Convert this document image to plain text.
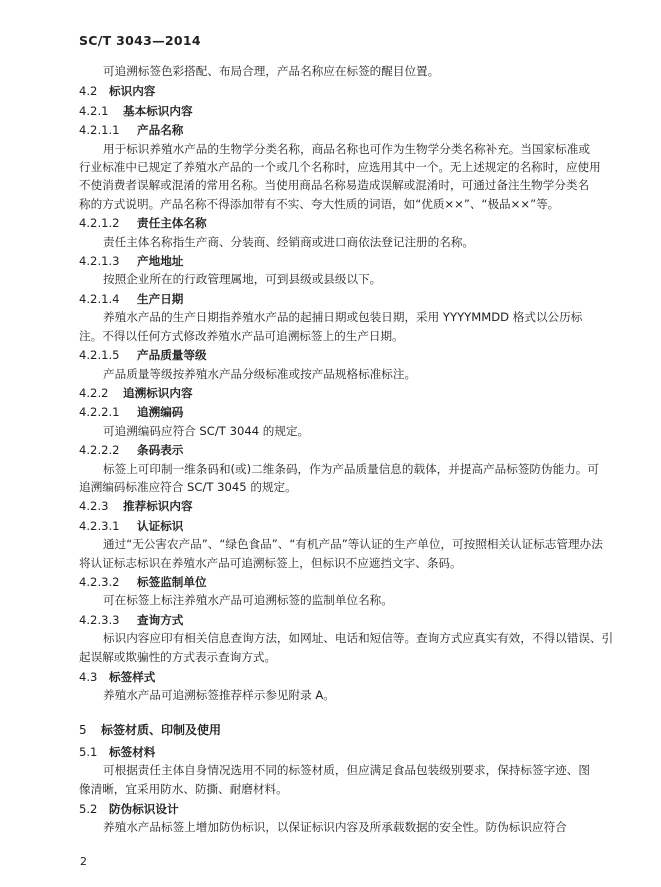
SC/T 3043—2014
可追溯标签色彩搭配、布局合理，产品名称应在标签的醒目位置。
4.2 标识内容
4.2.1 基本标识内容
4.2.1.1 产品名称
用于标识养殖水产品的生物学分类名称，商品名称也可作为生物学分类名称补充。当国家标准或
行业标准中已规定了养殖水产品的一个或几个名称时，应选用其中一个。无上述规定的名称时，应使用
不使消费者误解或混淆的常用名称。当使用商品名称易造成误解或混淆时，可通过备注生物学分类名
称的方式说明。产品名称不得添加带有不实、夸大性质的词语，如“优质××”、“极品××”等。
4.2.1.2 责任主体名称
责任主体名称指生产商、分装商、经销商或进口商依法登记注册的名称。
4.2.1.3 产地地址
按照企业所在的行政管理属地，可到县级或县级以下。
4.2.1.4 生产日期
养殖水产品的生产日期指养殖水产品的起捕日期或包装日期，采用 YYYYMMDD 格式以公历标
注。不得以任何方式修改养殖水产品可追溯标签上的生产日期。
4.2.1.5 产品质量等级
产品质量等级按养殖水产品分级标准或按产品规格标准标注。
4.2.2 追溯标识内容
4.2.2.1 追溯编码
可追溯编码应符合 SC/T 3044 的规定。
4.2.2.2 条码表示
标签上可印制一维条码和(或)二维条码，作为产品质量信息的载体，并提高产品标签防伪能力。可
追溯编码标准应符合 SC/T 3045 的规定。
4.2.3 推荐标识内容
4.2.3.1 认证标识
通过“无公害农产品”、“绿色食品”、“有机产品”等认证的生产单位，可按照相关认证标志管理办法
将认证标志标识在养殖水产品可追溯标签上，但标识不应遮挡文字、条码。
4.2.3.2 标签监制单位
可在标签上标注养殖水产品可追溯标签的监制单位名称。
4.2.3.3 查询方式
标识内容应印有相关信息查询方法，如网址、电话和短信等。查询方式应真实有效，不得以错误、引
起误解或欺骗性的方式表示查询方式。
4.3 标签样式
养殖水产品可追溯标签推荐样示参见附录 A。
5 标签材质、印制及使用
5.1 标签材料
可根据责任主体自身情况选用不同的标签材质，但应满足食品包装级别要求，保持标签字迹、图
像清晰，宜采用防水、防撕、耐磨材料。
5.2 防伪标识设计
养殖水产品标签上增加防伪标识，以保证标识内容及所承载数据的安全性。防伪标识应符合
2
